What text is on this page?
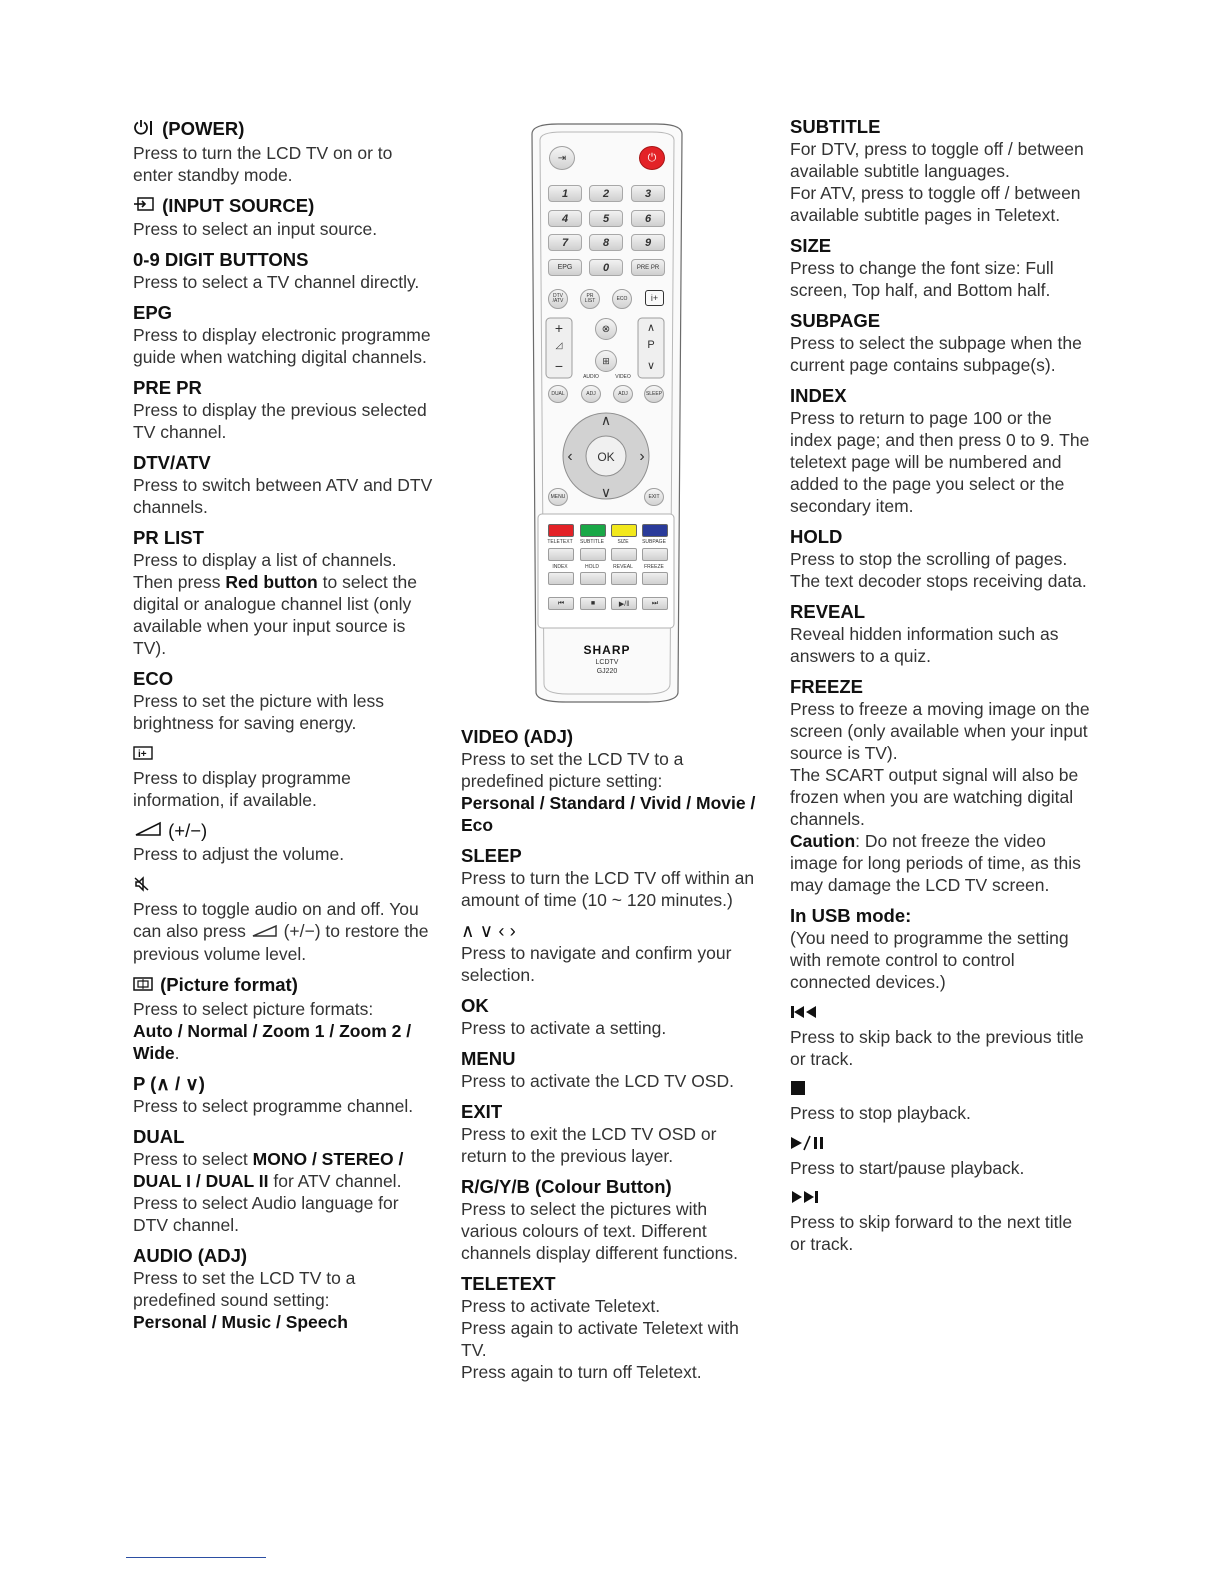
(POWER)
Press to turn the LCD TV on or to enter standby mode.
(INPUT SOURCE)
Press to select an input source.
0-9 DIGIT BUTTONS
Press to select a TV channel directly.
EPG
Press to display electronic programme guide when watching digital channels.
PRE PR
Press to display the previous selected TV channel.
DTV/ATV
Press to switch between ATV and DTV channels.
PR LIST
Press to display a list of channels. Then press Red button to select the digital or analogue channel list (only available when your input source is TV).
ECO
Press to set the picture with less brightness for saving energy.
i+
Press to display programme information, if available.
(+/−)
Press to adjust the volume.
Press to toggle audio on and off. You can also press  (+/−) to restore the previous volume level.
(Picture format)
Press to select picture formats:
Auto / Normal / Zoom 1 / Zoom 2 / Wide.
P (∧ / ∨)
Press to select programme channel.
DUAL
Press to select MONO / STEREO / DUAL I / DUAL II for ATV channel. Press to select Audio language for DTV channel.
AUDIO (ADJ)
Press to set the LCD TV to a predefined sound setting:
Personal / Music / Speech
⇥	⏻
1	2	3
4	5	6
7	8	9
EPG	0	PRE PR
DTV /ATV
PR LIST	ECO	i+
+
◿
−
⊗
⊞
AUDIO	VIDEO
∧
P
∨
DUAL	ADJ	ADJ	SLEEP
∧
∨
‹	›
OK
MENU	EXIT
TELETEXT	SUBTITLE	SIZE	SUBPAGE
INDEX	HOLD	REVEAL	FREEZE
⏮	■	▶/‖	⏭
SHARP
LCDTV
GJ220
VIDEO (ADJ)
Press to set the LCD TV to a predefined picture setting:
Personal / Standard / Vivid / Movie / Eco
SLEEP
Press to turn the LCD TV off within an amount of time (10 ~ 120 minutes.)
∧ ∨ ‹ ›
Press to navigate and confirm your selection.
OK
Press to activate a setting.
MENU
Press to activate the LCD TV OSD.
EXIT
Press to exit the LCD TV OSD or return to the previous layer.
R/G/Y/B (Colour Button)
Press to select the pictures with various colours of text. Different channels display different functions.
TELETEXT

Press to activate Teletext.

Press again to activate Teletext with TV.

Press again to turn off Teletext.

SUBTITLE

For DTV, press to toggle off / between available subtitle languages.

For ATV, press to toggle off / between available subtitle pages in Teletext.

SIZE
Press to change the font size: Full screen, Top half, and Bottom half.
SUBPAGE
Press to select the subpage when the current page contains subpage(s).
INDEX
Press to return to page 100 or the index page; and then press 0 to 9. The teletext page will be numbered and added to the page you select or the secondary item.
HOLD

Press to stop the scrolling of pages.

The text decoder stops receiving data.

REVEAL
Reveal hidden information such as answers to a quiz.
FREEZE

Press to freeze a moving image on the screen (only available when your input source is TV).

The SCART output signal will also be frozen when you are watching digital channels.

Caution: Do not freeze the video image for long periods of time, as this may damage the LCD TV screen.

In USB mode:
(You need to programme the setting with remote control to control connected devices.)
Press to skip back to the previous title or track.
Press to stop playback.
Press to start/pause playback.
Press to skip forward to the next title or track.
